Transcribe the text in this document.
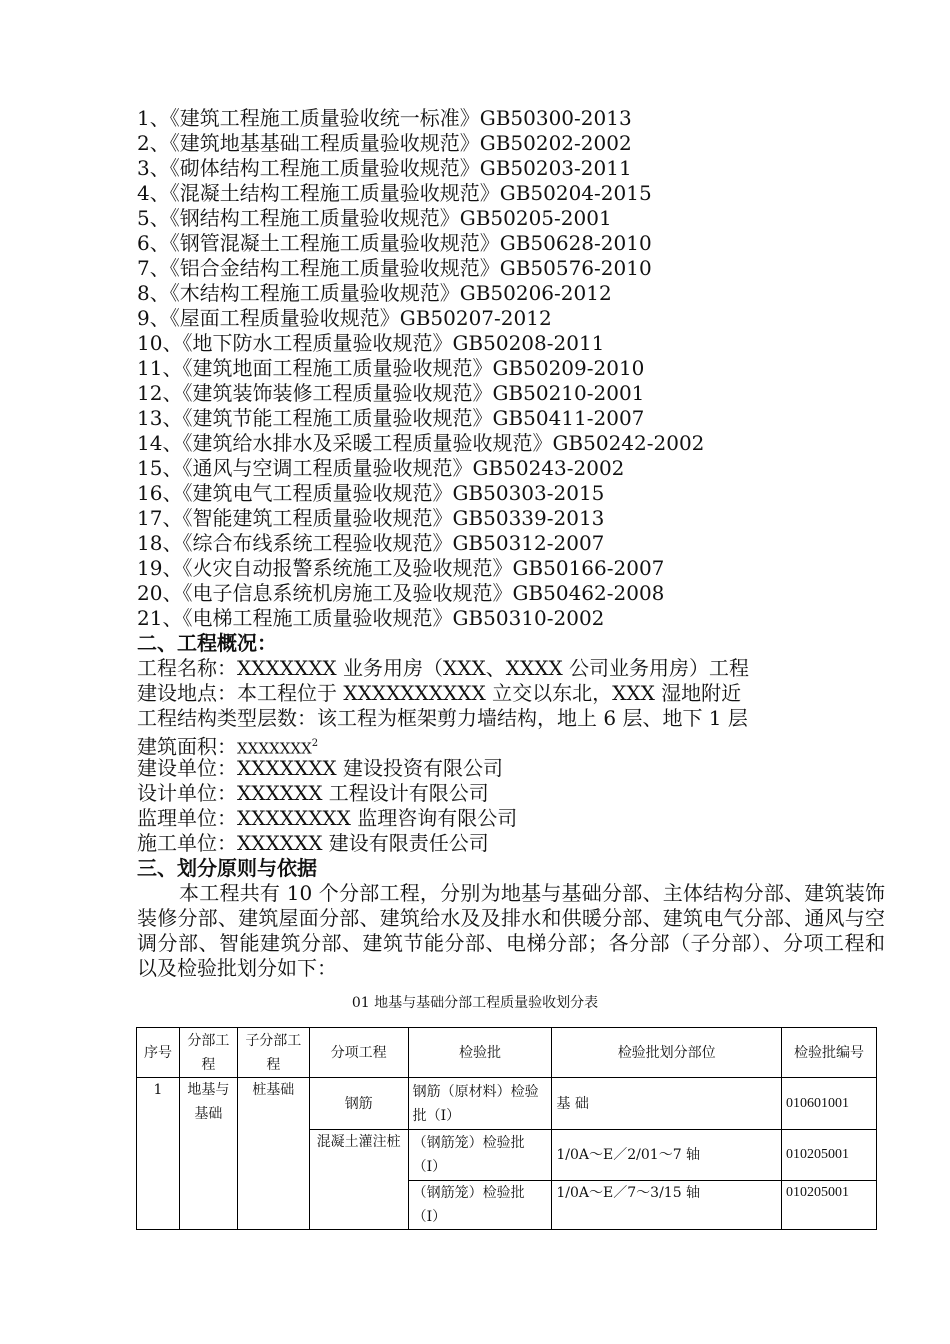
1、《建筑工程施工质量验收统一标准》GB50300-2013
2、《建筑地基基础工程质量验收规范》GB50202-2002
3、《砌体结构工程施工质量验收规范》GB50203-2011
4、《混凝土结构工程施工质量验收规范》GB50204-2015
5、《钢结构工程施工质量验收规范》GB50205-2001
6、《钢管混凝土工程施工质量验收规范》GB50628-2010
7、《铝合金结构工程施工质量验收规范》GB50576-2010
8、《木结构工程施工质量验收规范》GB50206-2012
9、《屋面工程质量验收规范》GB50207-2012
10、《地下防水工程质量验收规范》GB50208-2011
11、《建筑地面工程施工质量验收规范》GB50209-2010
12、《建筑装饰装修工程质量验收规范》GB50210-2001
13、《建筑节能工程施工质量验收规范》GB50411-2007
14、《建筑给水排水及采暖工程质量验收规范》GB50242-2002
15、《通风与空调工程质量验收规范》GB50243-2002
16、《建筑电气工程质量验收规范》GB50303-2015
17、《智能建筑工程质量验收规范》GB50339-2013
18、《综合布线系统工程验收规范》GB50312-2007
19、《火灾自动报警系统施工及验收规范》GB50166-2007
20、《电子信息系统机房施工及验收规范》GB50462-2008
21、《电梯工程施工质量验收规范》GB50310-2002
二、工程概况：
工程名称：XXXXXXX 业务用房（XXX、XXXX 公司业务用房）工程
建设地点：本工程位于 XXXXXXXXXX 立交以东北，XXX 湿地附近
工程结构类型层数：该工程为框架剪力墙结构，地上 6 层、地下 1 层
建筑面积：XXXXXXX$^2$
建设单位：XXXXXXX 建设投资有限公司
设计单位：XXXXXX 工程设计有限公司
监理单位：XXXXXXXX 监理咨询有限公司
施工单位：XXXXXX 建设有限责任公司
三、划分原则与依据
本工程共有 10 个分部工程，分别为地基与基础分部、主体结构分部、建筑装饰装修分部、建筑屋面分部、建筑给水及及排水和供暖分部、建筑电气分部、通风与空调分部、智能建筑分部、建筑节能分部、电梯分部；各分部（子分部）、分项工程和以及检验批划分如下：
01 地基与基础分部工程质量验收划分表
序号	分部工程	子分部工程	分项工程	检验批	检验批划分部位	检验批编号
1	地基与基础	桩基础	钢筋	钢筋（原材料）检验批（Ⅰ）	基 础	010601001
			混凝土灌注桩	（钢筋笼）检验批（Ⅰ）	1/0A～E／2/01～7 轴	010205001
				（钢筋笼）检验批（Ⅰ）	1/0A～E／7～3/15 轴	010205001
